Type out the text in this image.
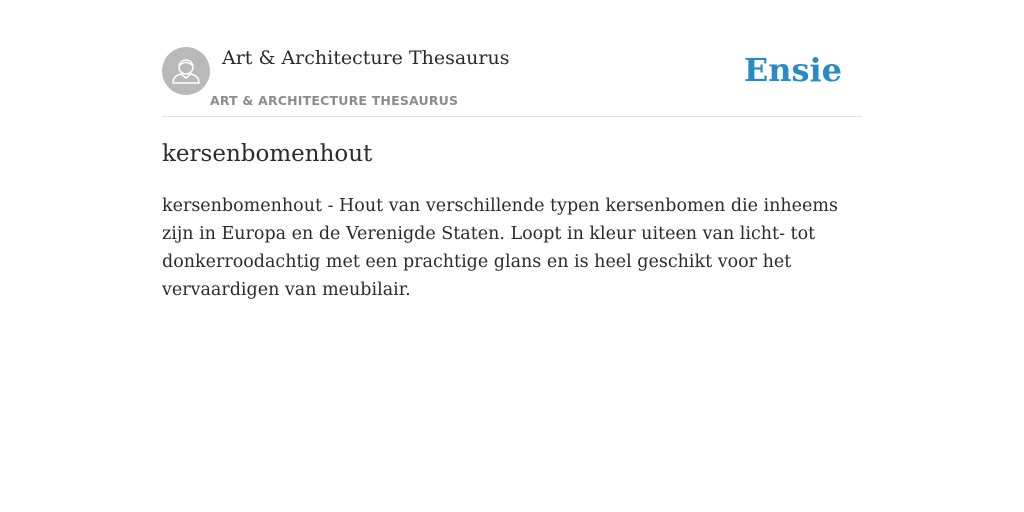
Art & Architecture Thesaurus
ART & ARCHITECTURE THESAURUS
Ensie
kersenbomenhout

kersenbomenhout - Hout van verschillende typen kersenbomen die inheems zijn in Europa en de Verenigde Staten. Loopt in kleur uiteen van licht- tot donkerroodachtig met een prachtige glans en is heel geschikt voor het vervaardigen van meubilair.
